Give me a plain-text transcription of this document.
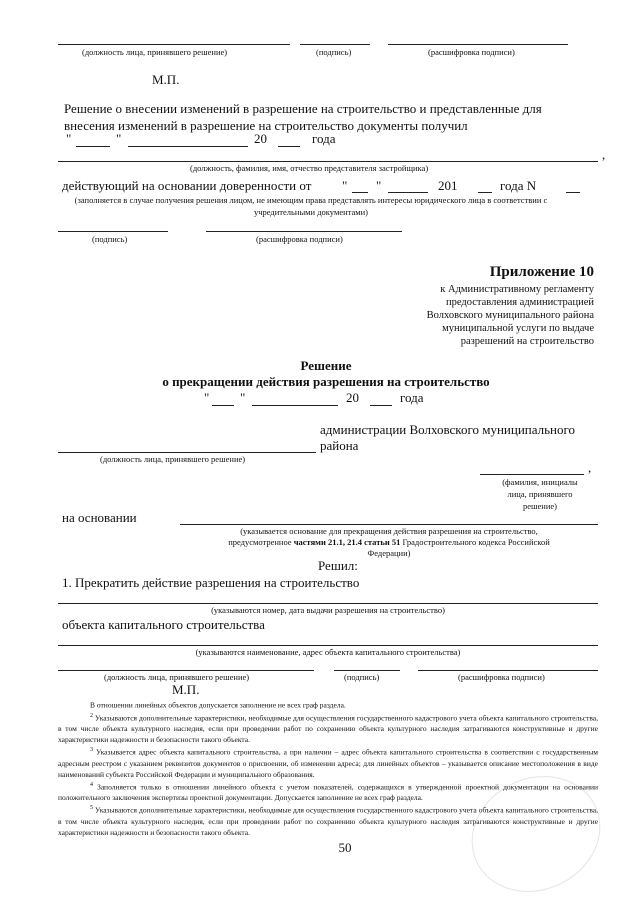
(должность лица, принявшего решение)	(подпись)	(расшифровка подписи)
М.П.
Решение о внесении изменений в разрешение на строительство и представленные для внесения изменений в разрешение на строительство документы получил
"	"	20	года
,
(должность, фамилия, имя, отчество представителя застройщика)
действующий на основании доверенности от " "	201	года N
(заполняется в случае получения решения лицом, не имеющим права представлять интересы юридического лица в соответствии с учредительными документами)
(подпись)	(расшифровка подписи)
Приложение 10
к Административному регламенту
предоставления администрацией
Волховского муниципального района
муниципальной услуги по выдаче
разрешений на строительство
Решение
о прекращении действия разрешения на строительство
" "	20	года
администрации Волховского муниципального
района
(должность лица, принявшего решение)
,
(фамилия, инициалы лица, принявшего решение)
на основании
(указывается основание для прекращения действия разрешения на строительство,
предусмотренное частями 21.1, 21.4 статьи 51 Градостроительного кодекса Российской
Федерации)
Решил:
1. Прекратить действие разрешения на строительство
(указываются номер, дата выдачи разрешения на строительство)
объекта капитального строительства
(указываются наименование, адрес объекта капитального строительства)
(должность лица, принявшего решение)	(подпись)	(расшифровка подписи)
М.П.
В отношении линейных объектов допускается заполнение не всех граф раздела.
$^2$ Указываются дополнительные характеристики, необходимые для осуществления государственного кадастрового учета объекта капитального строительства, в том числе объекта культурного наследия, если при проведении работ по сохранению объекта культурного наследия затрагиваются конструктивные и другие характеристики надежности и безопасности такого объекта.
$^3$ Указывается адрес объекта капитального строительства, а при наличии – адрес объекта капитального строительства в соответствии с государственным адресным реестром с указанием реквизитов документов о присвоении, об изменении адреса; для линейных объектов – указывается описание местоположения в виде наименований субъекта Российской Федерации и муниципального образования.
$^4$ Заполняется только в отношении линейного объекта с учетом показателей, содержащихся в утвержденной проектной документации на основании положительного заключения экспертизы проектной документации. Допускается заполнение не всех граф раздела.
$^5$ Указываются дополнительные характеристики, необходимые для осуществления государственного кадастрового учета объекта капитального строительства, в том числе объекта культурного наследия, если при проведении работ по сохранению объекта культурного наследия затрагиваются конструктивные и другие характеристики надежности и безопасности такого объекта.
50
